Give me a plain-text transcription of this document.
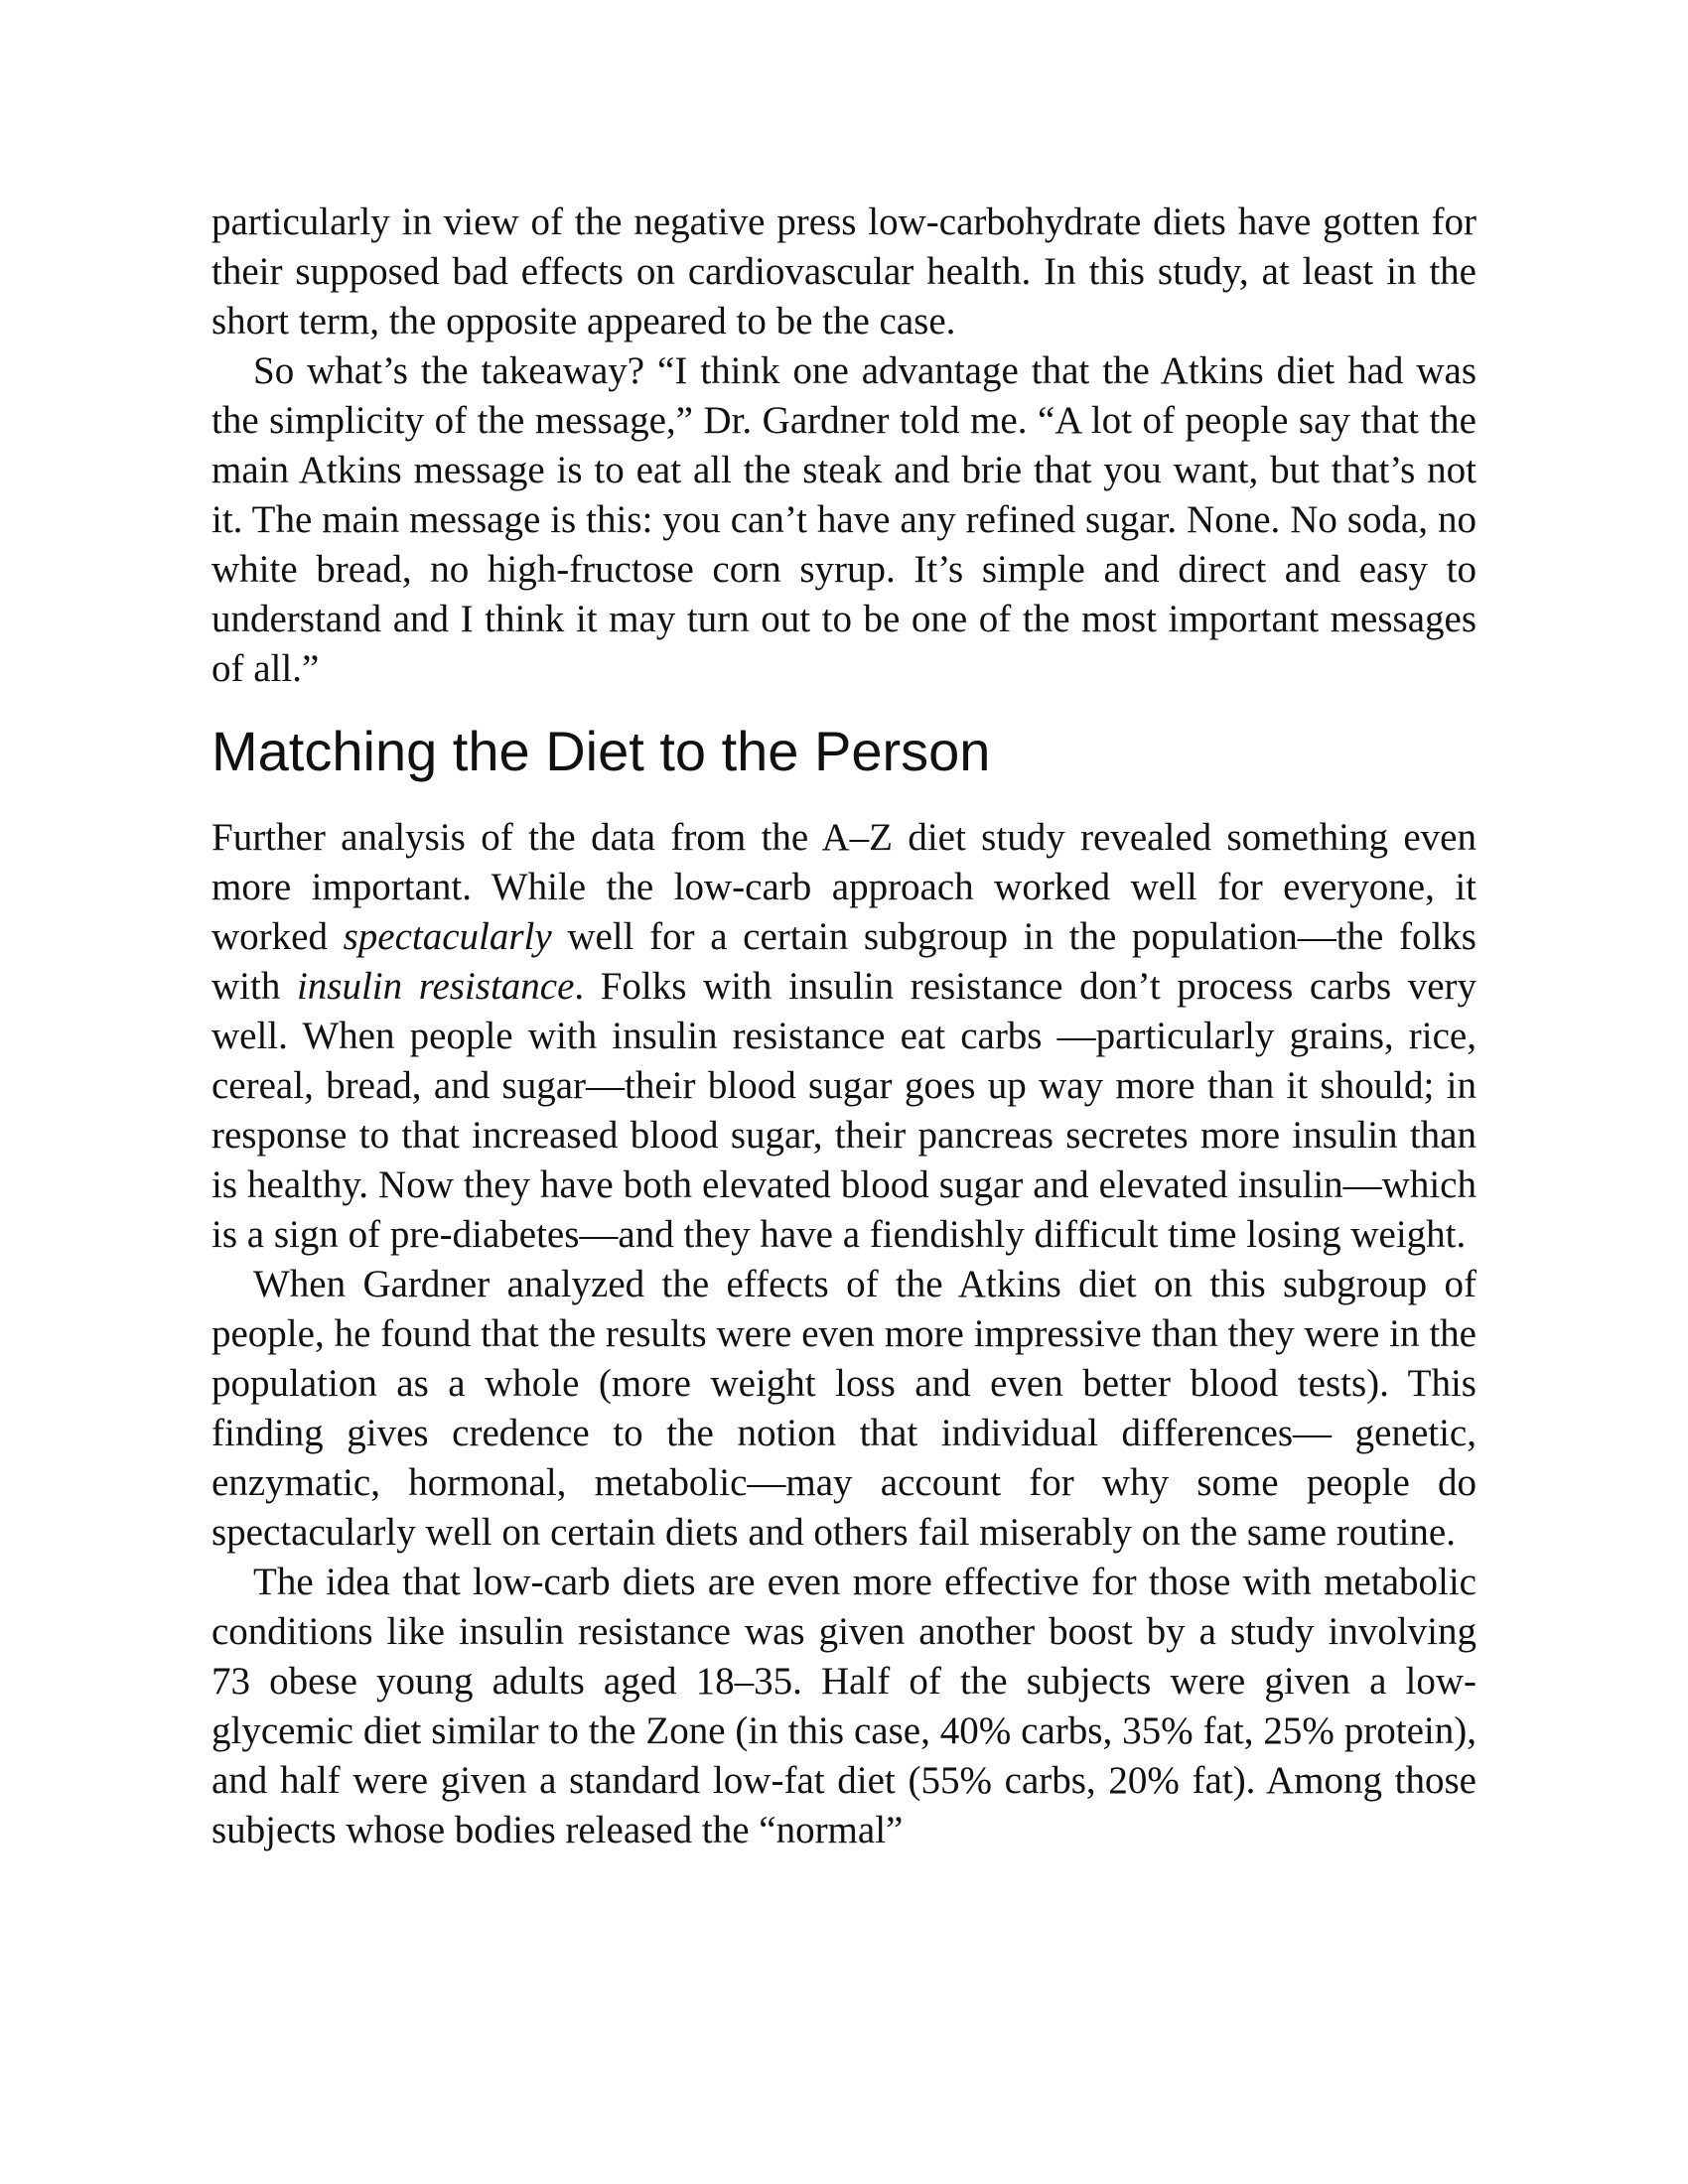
particularly in view of the negative press low-carbohydrate diets have gotten for their supposed bad effects on cardiovascular health. In this study, at least in the short term, the opposite appeared to be the case.

So what’s the takeaway? “I think one advantage that the Atkins diet had was the simplicity of the message,” Dr. Gardner told me. “A lot of people say that the main Atkins message is to eat all the steak and brie that you want, but that’s not it. The main message is this: you can’t have any refined sugar. None. No soda, no white bread, no high-fructose corn syrup. It’s simple and direct and easy to understand and I think it may turn out to be one of the most important messages of all.”

Matching the Diet to the Person

Further analysis of the data from the A–Z diet study revealed something even more important. While the low-carb approach worked well for everyone, it worked spectacularly well for a certain subgroup in the population—the folks with insulin resistance. Folks with insulin resistance don’t process carbs very well. When people with insulin resistance eat carbs —particularly grains, rice, cereal, bread, and sugar—their blood sugar goes up way more than it should; in response to that increased blood sugar, their pancreas secretes more insulin than is healthy. Now they have both elevated blood sugar and elevated insulin—which is a sign of pre-diabetes—and they have a fiendishly difficult time losing weight.

When Gardner analyzed the effects of the Atkins diet on this subgroup of people, he found that the results were even more impressive than they were in the population as a whole (more weight loss and even better blood tests). This finding gives credence to the notion that individual differences— genetic, enzymatic, hormonal, metabolic—may account for why some people do spectacularly well on certain diets and others fail miserably on the same routine.

The idea that low-carb diets are even more effective for those with metabolic conditions like insulin resistance was given another boost by a study involving 73 obese young adults aged 18–35. Half of the subjects were given a low-glycemic diet similar to the Zone (in this case, 40% carbs, 35% fat, 25% protein), and half were given a standard low-fat diet (55% carbs, 20% fat). Among those subjects whose bodies released the “normal”
